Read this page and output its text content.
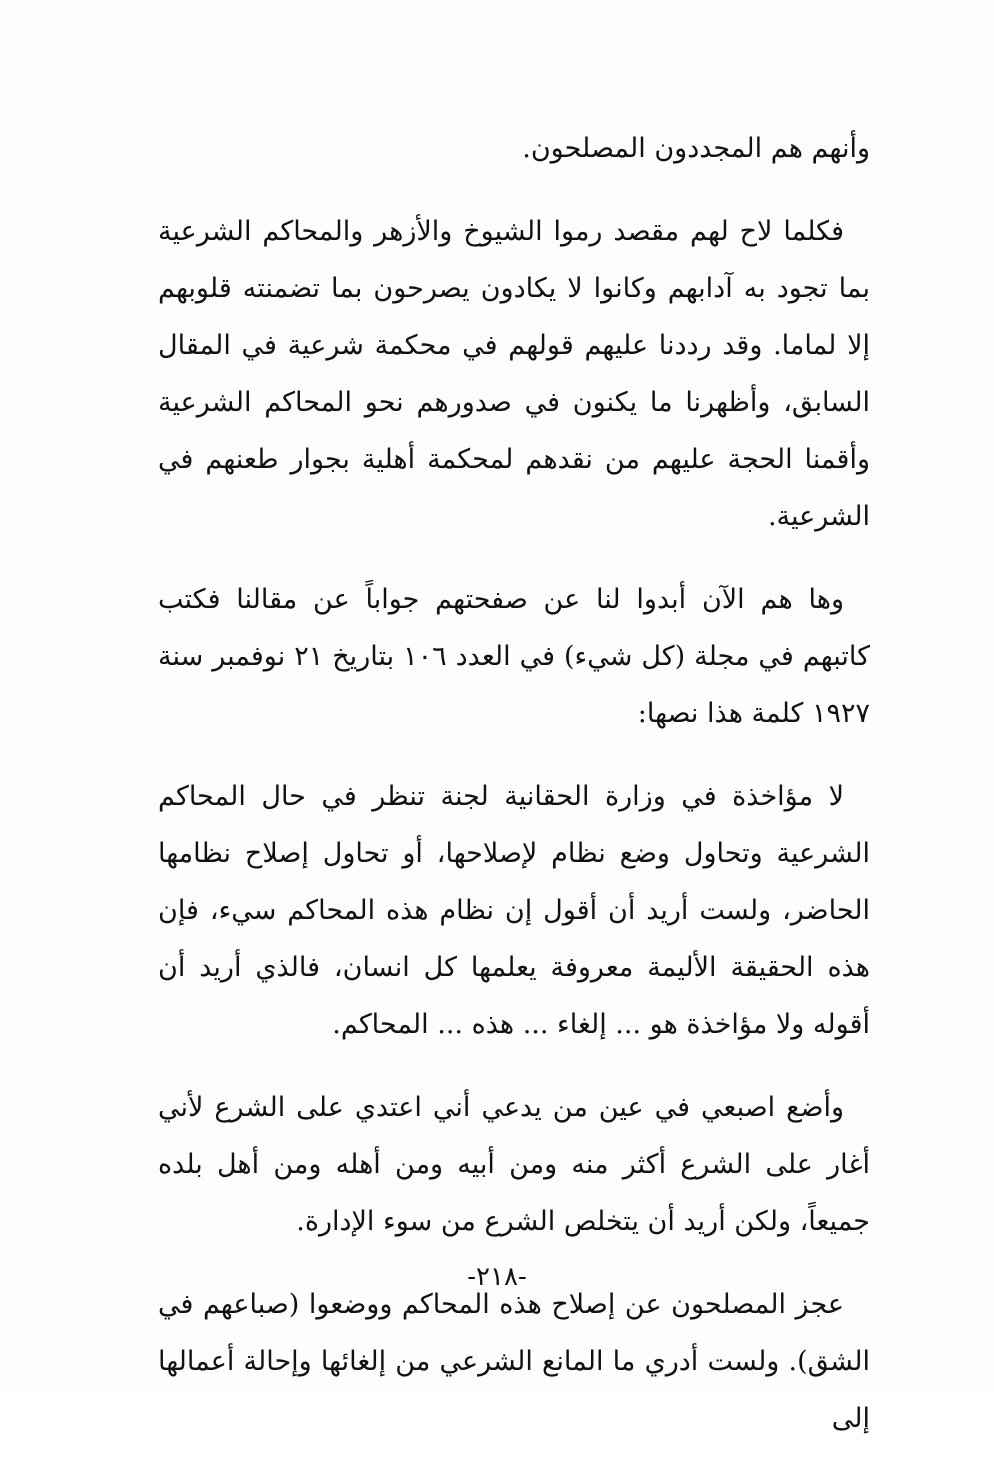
وأنهم هم المجددون المصلحون.

فكلما لاح لهم مقصد رموا الشيوخ والأزهر والمحاكم الشرعية بما تجود به آدابهم وكانوا لا يكادون يصرحون بما تضمنته قلوبهم إلا لماما. وقد رددنا عليهم قولهم في محكمة شرعية في المقال السابق، وأظهرنا ما يكنون في صدورهم نحو المحاكم الشرعية وأقمنا الحجة عليهم من نقدهم لمحكمة أهلية بجوار طعنهم في الشرعية.

وها هم الآن أبدوا لنا عن صفحتهم جواباً عن مقالنا فكتب كاتبهم في مجلة (كل شيء) في العدد ١٠٦ بتاريخ ٢١ نوفمبر سنة ١٩٢٧ كلمة هذا نصها:

لا مؤاخذة في وزارة الحقانية لجنة تنظر في حال المحاكم الشرعية وتحاول وضع نظام لإصلاحها، أو تحاول إصلاح نظامها الحاضر، ولست أريد أن أقول إن نظام هذه المحاكم سيء، فإن هذه الحقيقة الأليمة معروفة يعلمها كل انسان، فالذي أريد أن أقوله ولا مؤاخذة هو ... إلغاء ... هذه ... المحاكم.

وأضع اصبعي في عين من يدعي أني اعتدي على الشرع لأني أغار على الشرع أكثر منه ومن أبيه ومن أهله ومن أهل بلده جميعاً، ولكن أريد أن يتخلص الشرع من سوء الإدارة.

عجز المصلحون عن إصلاح هذه المحاكم ووضعوا (صباعهم في الشق). ولست أدري ما المانع الشرعي من إلغائها وإحالة أعمالها إلى

-٢١٨-
